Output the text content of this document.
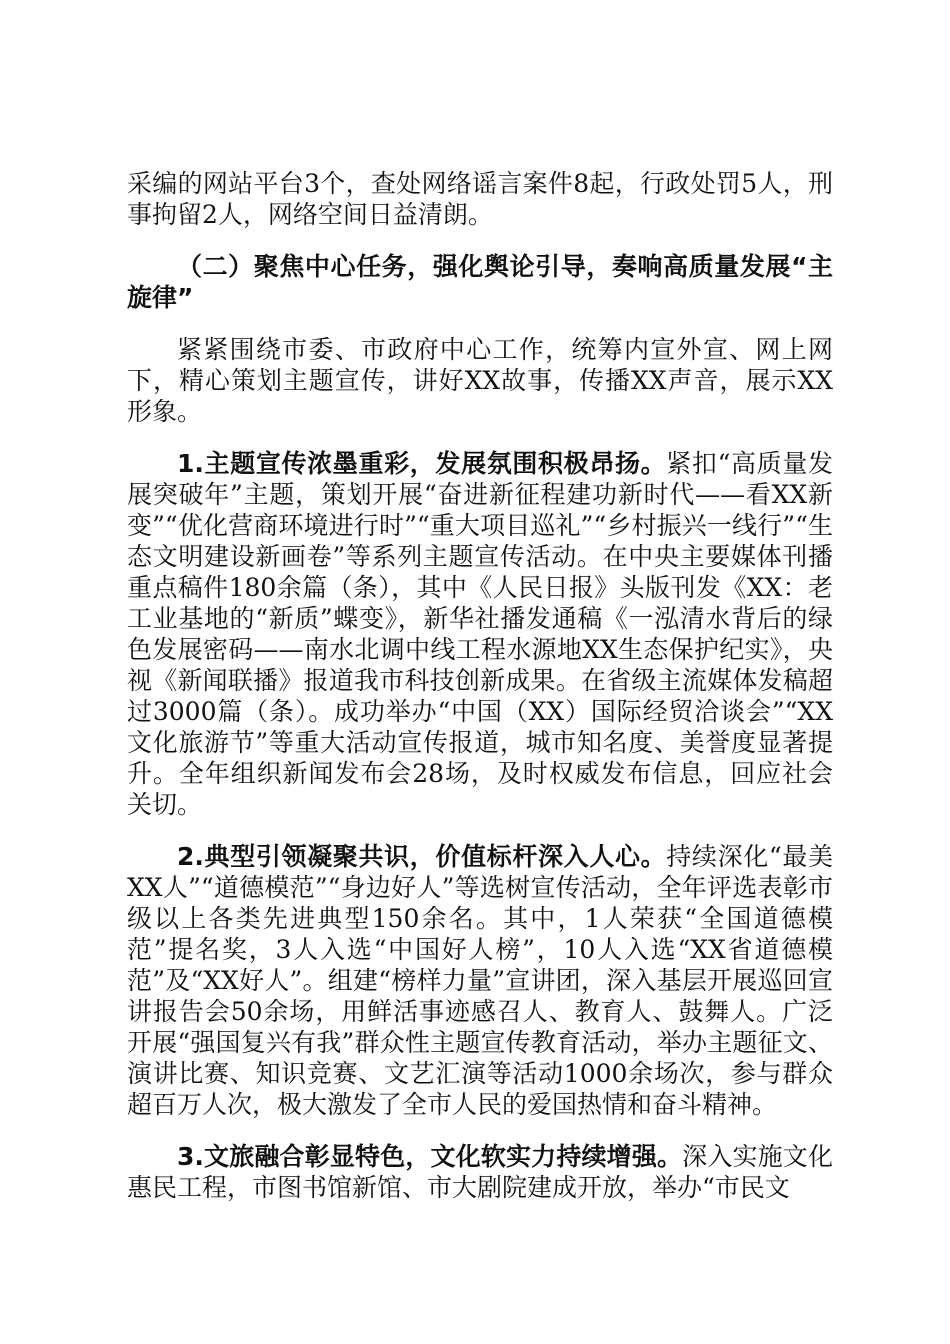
采编的网站平台3个，查处网络谣言案件8起，行政处罚5人，刑事拘留2人，网络空间日益清朗。

（二）聚焦中心任务，强化舆论引导，奏响高质量发展“主旋律”

紧紧围绕市委、市政府中心工作，统筹内宣外宣、网上网下，精心策划主题宣传，讲好XX故事，传播XX声音，展示XX形象。

1.主题宣传浓墨重彩，发展氛围积极昂扬。紧扣“高质量发展突破年”主题，策划开展“奋进新征程建功新时代——看XX新变”“优化营商环境进行时”“重大项目巡礼”“乡村振兴一线行”“生态文明建设新画卷”等系列主题宣传活动。在中央主要媒体刊播重点稿件180余篇（条），其中《人民日报》头版刊发《XX：老工业基地的“新质”蝶变》，新华社播发通稿《一泓清水背后的绿色发展密码——南水北调中线工程水源地XX生态保护纪实》，央视《新闻联播》报道我市科技创新成果。在省级主流媒体发稿超过3000篇（条）。成功举办“中国（XX）国际经贸洽谈会”“XX文化旅游节”等重大活动宣传报道，城市知名度、美誉度显著提升。全年组织新闻发布会28场，及时权威发布信息，回应社会关切。

2.典型引领凝聚共识，价值标杆深入人心。持续深化“最美XX人”“道德模范”“身边好人”等选树宣传活动，全年评选表彰市级以上各类先进典型150余名。其中，1人荣获“全国道德模范”提名奖，3人入选“中国好人榜”，10人入选“XX省道德模范”及“XX好人”。组建“榜样力量”宣讲团，深入基层开展巡回宣讲报告会50余场，用鲜活事迹感召人、教育人、鼓舞人。广泛开展“强国复兴有我”群众性主题宣传教育活动，举办主题征文、演讲比赛、知识竞赛、文艺汇演等活动1000余场次，参与群众超百万人次，极大激发了全市人民的爱国热情和奋斗精神。

3.文旅融合彰显特色，文化软实力持续增强。深入实施文化惠民工程，市图书馆新馆、市大剧院建成开放，举办“市民文
